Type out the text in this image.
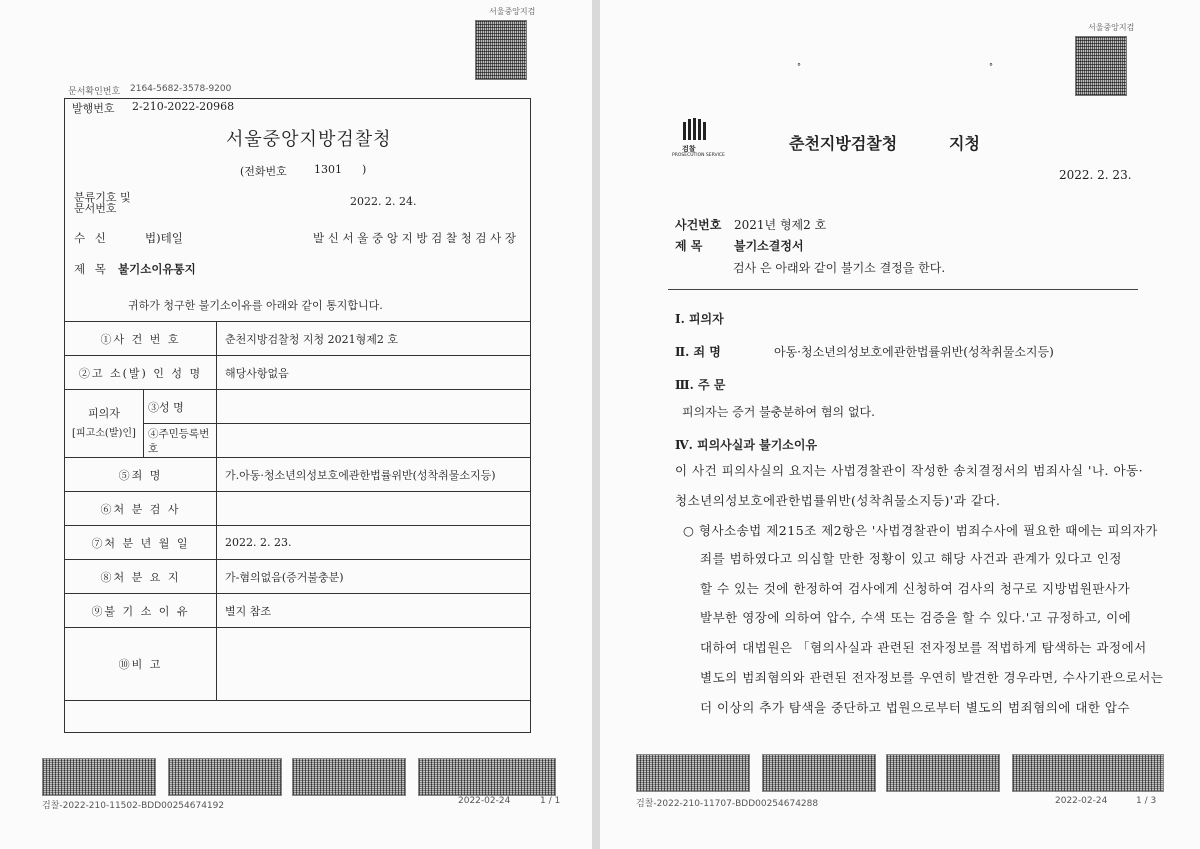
서울중앙지검
문서확인번호 2164-5682-3578-9200
발행번호 2-210-2022-20968
서울중앙지방검찰청
(전화번호 1301 )
분류기호 및
문서번호
2022. 2. 24.
수 신	법)테일	발 신 서 울 중 앙 지 방 검 찰 청 검 사 장
제 목 불기소이유통지
귀하가 청구한 불기소이유를 아래와 같이 통지합니다.
①사 건 번 호		춘천지방검찰청 지청 2021형제2 호
②고 소(발) 인 성 명		해당사항없음

피의자
[피고소(발)인]	③성 명	
	④주민등록번호	
⑤죄 명		가.아동·청소년의성보호에관한법률위반(성착취물소지등)
⑥처 분 검 사		
⑦처 분 년 월 일		2022. 2. 23.
⑧처 분 요 지		가-혐의없음(증거불충분)
⑨불 기 소 이 유		별지 참조
⑩비 고		
검찰-2022-210-11502-BDD00254674192	2022-02-24	1 / 1
서울중앙지검
°	°
검찰
PROSECUTION SERVICE
춘천지방검찰청	지청
2022. 2. 23.
사건번호 2021년 형제2 호
제 목	불기소결정서
검사 은 아래와 같이 불기소 결정을 한다.
Ⅰ. 피의자
Ⅱ. 죄 명	아동·청소년의성보호에관한법률위반(성착취물소지등)
Ⅲ. 주 문
피의자는 증거 불충분하여 혐의 없다.
Ⅳ. 피의사실과 불기소이유
이 사건 피의사실의 요지는 사법경찰관이 작성한 송치결정서의 범죄사실 '나. 아동·
청소년의성보호에관한법률위반(성착취물소지등)'과 같다.
○ 형사소송법 제215조 제2항은 '사법경찰관이 범죄수사에 필요한 때에는 피의자가
죄를 범하였다고 의심할 만한 정황이 있고 해당 사건과 관계가 있다고 인정
할 수 있는 것에 한정하여 검사에게 신청하여 검사의 청구로 지방법원판사가
발부한 영장에 의하여 압수, 수색 또는 검증을 할 수 있다.'고 규정하고, 이에
대하여 대법원은 「혐의사실과 관련된 전자정보를 적법하게 탐색하는 과정에서
별도의 범죄혐의와 관련된 전자정보를 우연히 발견한 경우라면, 수사기관으로서는
더 이상의 추가 탐색을 중단하고 법원으로부터 별도의 범죄혐의에 대한 압수
검찰-2022-210-11707-BDD00254674288	2022-02-24	1 / 3
